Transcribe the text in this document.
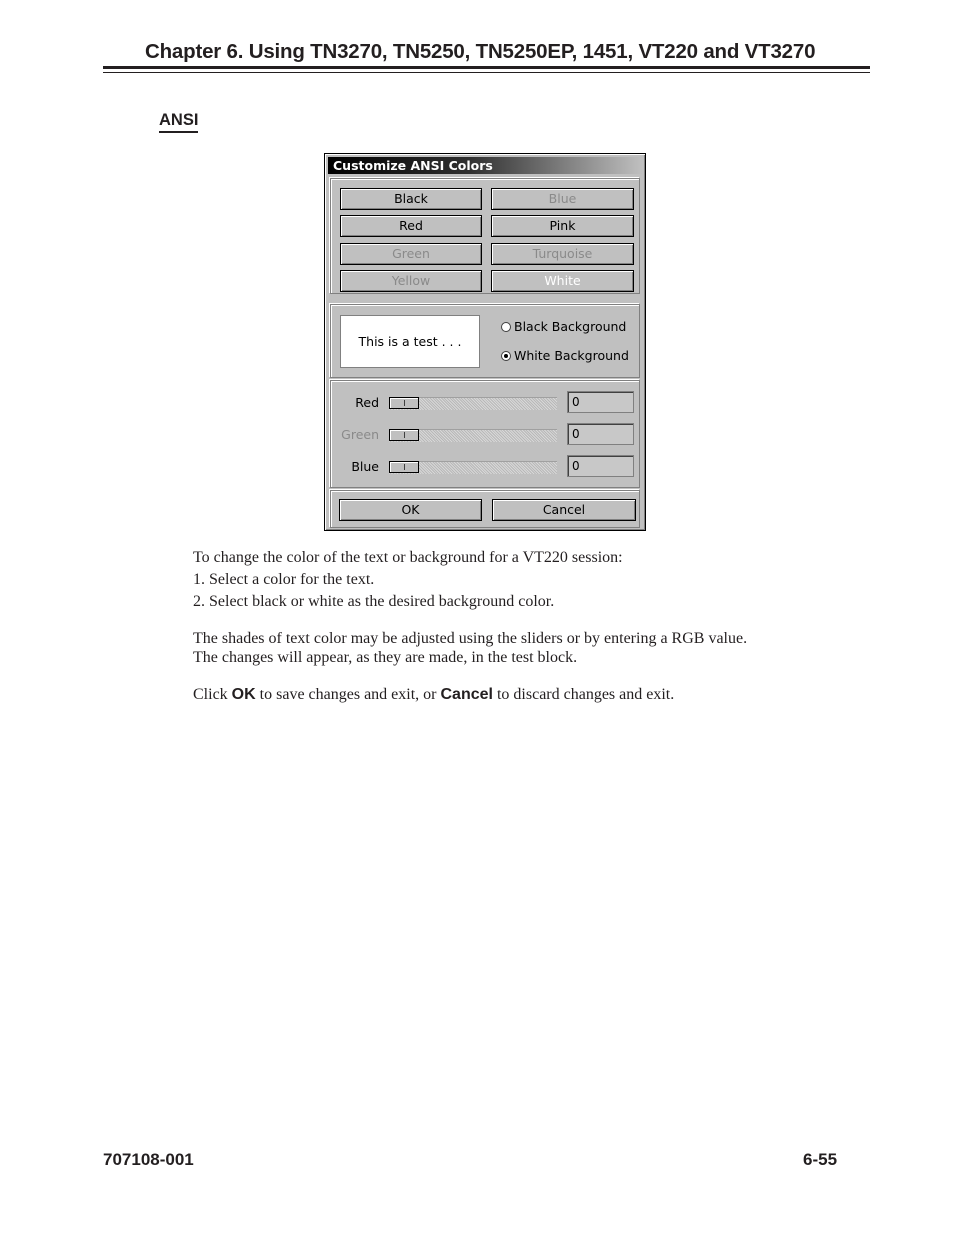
Chapter 6. Using TN3270, TN5250, TN5250EP, 1451, VT220 and VT3270
ANSI
Customize ANSI Colors
Black	Blue
Red	Pink
Green	Turquoise
Yellow	White
This is a test . . .
Black Background
White Background
Red	0
Green	0
Blue	0
OK	Cancel
To change the color of the text or background for a VT220 session:
1. Select a color for the text.
2. Select black or white as the desired background color.
The shades of text color may be adjusted using the sliders or by entering a RGB value.
The changes will appear, as they are made, in the test block.
Click OK to save changes and exit, or Cancel to discard changes and exit.
707108-001	6-55
